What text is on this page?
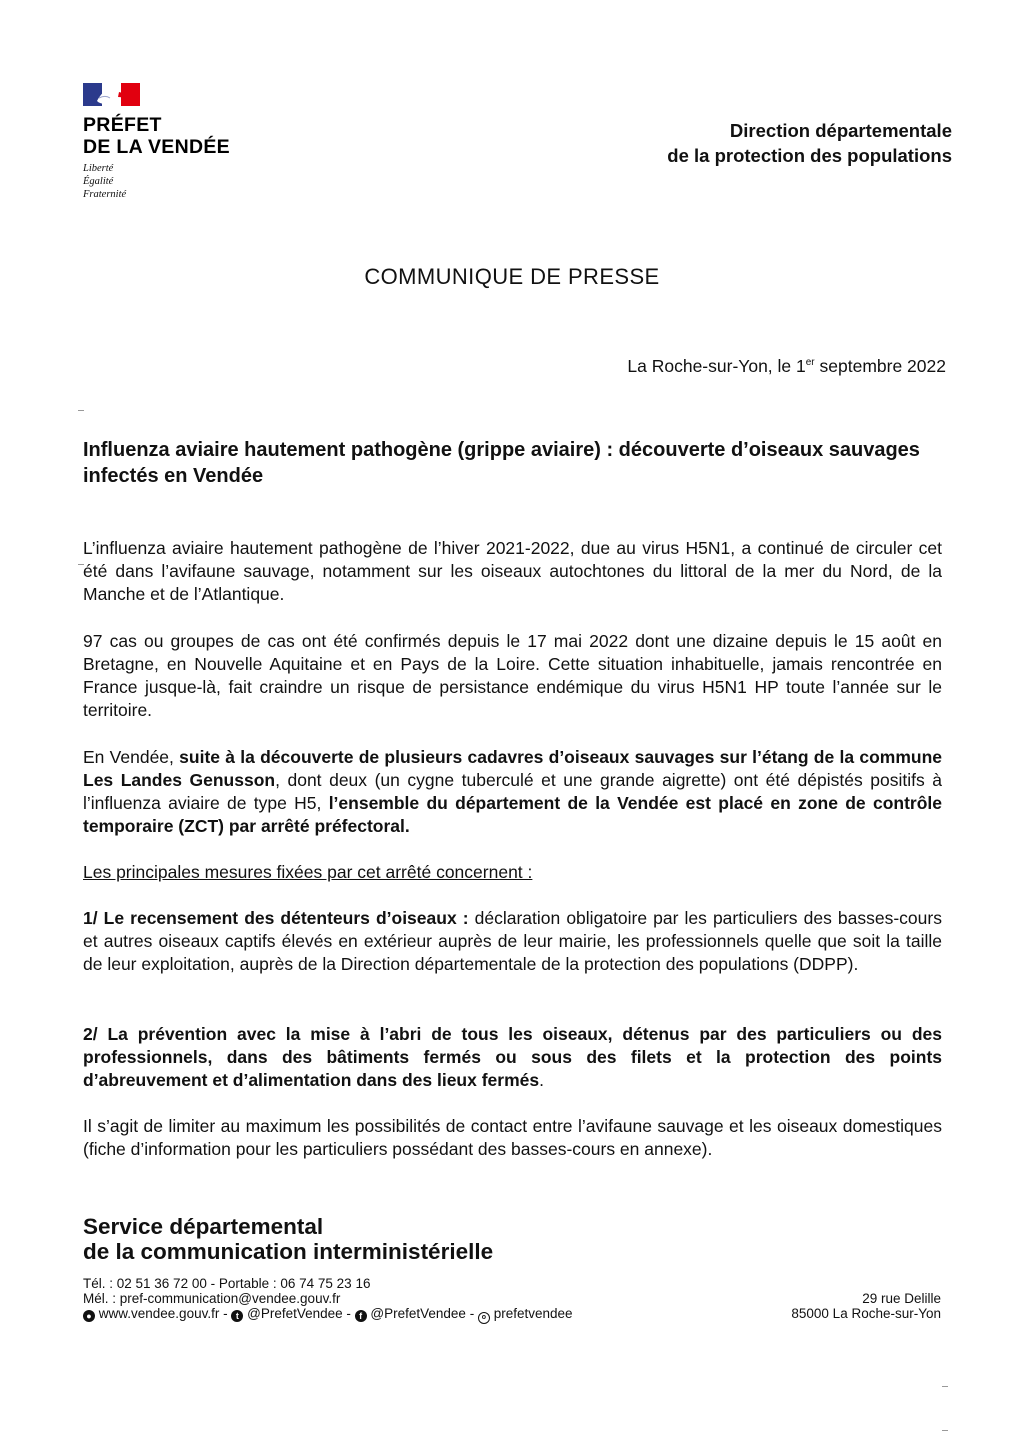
PRÉFET
DE LA VENDÉE
Liberté
Égalité
Fraternité
Direction départementale
de la protection des populations
COMMUNIQUE DE PRESSE
La Roche-sur-Yon, le 1er septembre 2022
Influenza aviaire hautement pathogène (grippe aviaire) : découverte d’oiseaux sauvages infectés en Vendée
L’influenza aviaire hautement pathogène de l’hiver 2021-2022, due au virus H5N1, a continué de circuler cet été dans l’avifaune sauvage, notamment sur les oiseaux autochtones du littoral de la mer du Nord, de la Manche et de l’Atlantique.
97 cas ou groupes de cas ont été confirmés depuis le 17 mai 2022 dont une dizaine depuis le 15 août en Bretagne, en Nouvelle Aquitaine et en Pays de la Loire. Cette situation inhabituelle, jamais rencontrée en France jusque-là, fait craindre un risque de persistance endémique du virus H5N1 HP toute l’année sur le territoire.
En Vendée, suite à la découverte de plusieurs cadavres d’oiseaux sauvages sur l’étang de la commune Les Landes Genusson, dont deux (un cygne tuberculé et une grande aigrette) ont été dépistés positifs à l’influenza aviaire de type H5, l’ensemble du département de la Vendée est placé en zone de contrôle temporaire (ZCT) par arrêté préfectoral.
Les principales mesures fixées par cet arrêté concernent :
1/ Le recensement des détenteurs d’oiseaux : déclaration obligatoire par les particuliers des basses-cours et autres oiseaux captifs élevés en extérieur auprès de leur mairie, les professionnels quelle que soit la taille de leur exploitation, auprès de la Direction départementale de la protection des populations (DDPP).
2/ La prévention avec la mise à l’abri de tous les oiseaux, détenus par des particuliers ou des professionnels, dans des bâtiments fermés ou sous des filets et la protection des points d’abreuvement et d’alimentation dans des lieux fermés.
Il s’agit de limiter au maximum les possibilités de contact entre l’avifaune sauvage et les oiseaux domestiques (fiche d’information pour les particuliers possédant des basses-cours en annexe).
Service départemental
de la communication interministérielle
Tél. : 02 51 36 72 00 - Portable : 06 74 75 23 16
Mél. : pref-communication@vendee.gouv.fr
● www.vendee.gouv.fr - t @PrefetVendee - f @PrefetVendee - o prefetvendee
29 rue Delille
85000 La Roche-sur-Yon
